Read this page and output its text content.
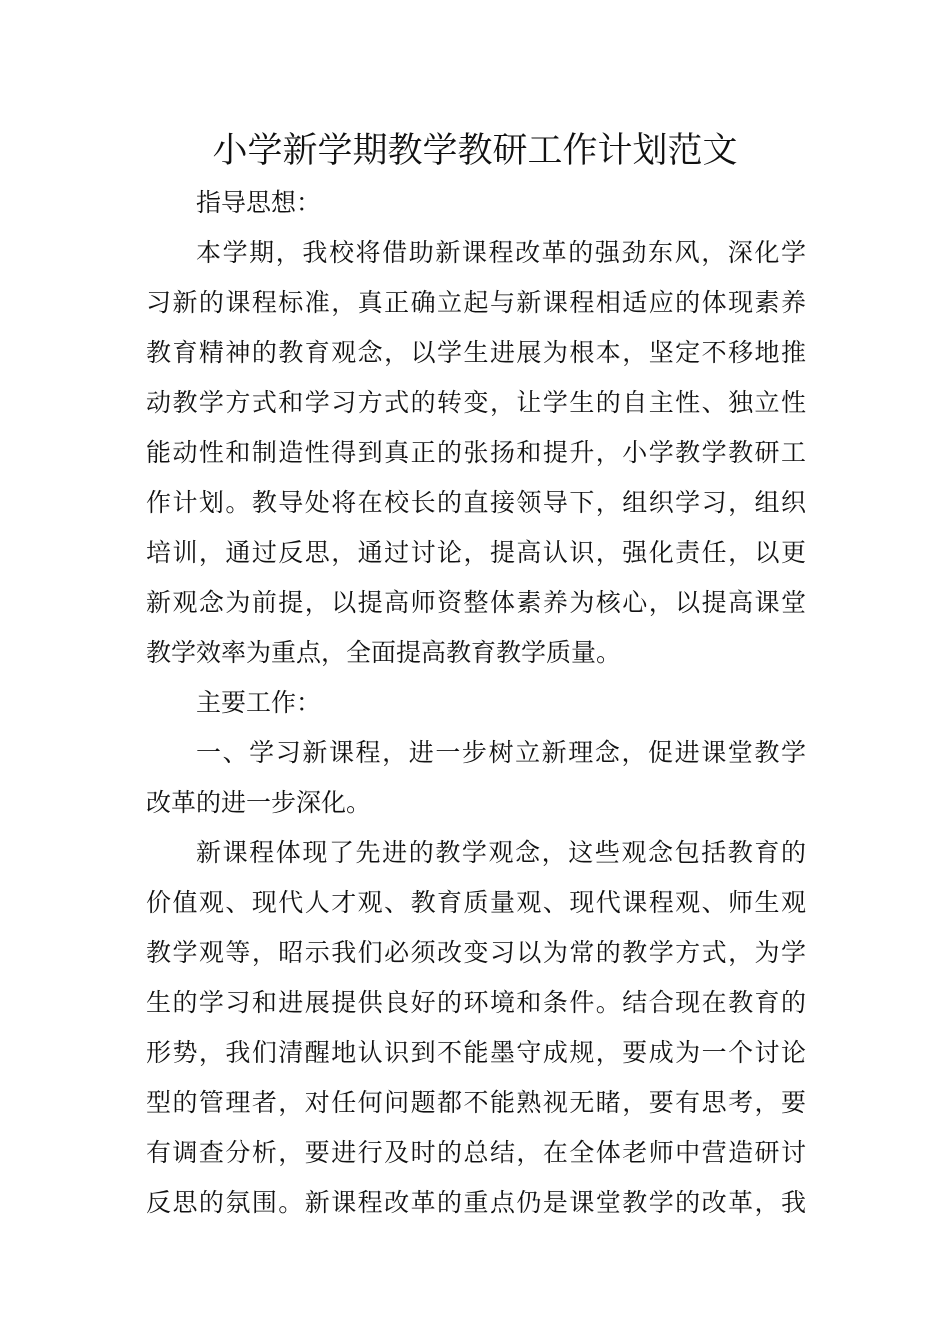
小学新学期教学教研工作计划范文
指导思想：
本学期，我校将借助新课程改革的强劲东风，深化学
习新的课程标准，真正确立起与新课程相适应的体现素养
教育精神的教育观念，以学生进展为根本，坚定不移地推
动教学方式和学习方式的转变，让学生的自主性、独立性
能动性和制造性得到真正的张扬和提升，小学教学教研工
作计划。教导处将在校长的直接领导下，组织学习，组织
培训，通过反思，通过讨论，提高认识，强化责任，以更
新观念为前提，以提高师资整体素养为核心，以提高课堂
教学效率为重点，全面提高教育教学质量。
主要工作：
一、学习新课程，进一步树立新理念，促进课堂教学
改革的进一步深化。
新课程体现了先进的教学观念，这些观念包括教育的
价值观、现代人才观、教育质量观、现代课程观、师生观
教学观等，昭示我们必须改变习以为常的教学方式，为学
生的学习和进展提供良好的环境和条件。结合现在教育的
形势，我们清醒地认识到不能墨守成规，要成为一个讨论
型的管理者，对任何问题都不能熟视无睹，要有思考，要
有调查分析，要进行及时的总结，在全体老师中营造研讨
反思的氛围。新课程改革的重点仍是课堂教学的改革，我
